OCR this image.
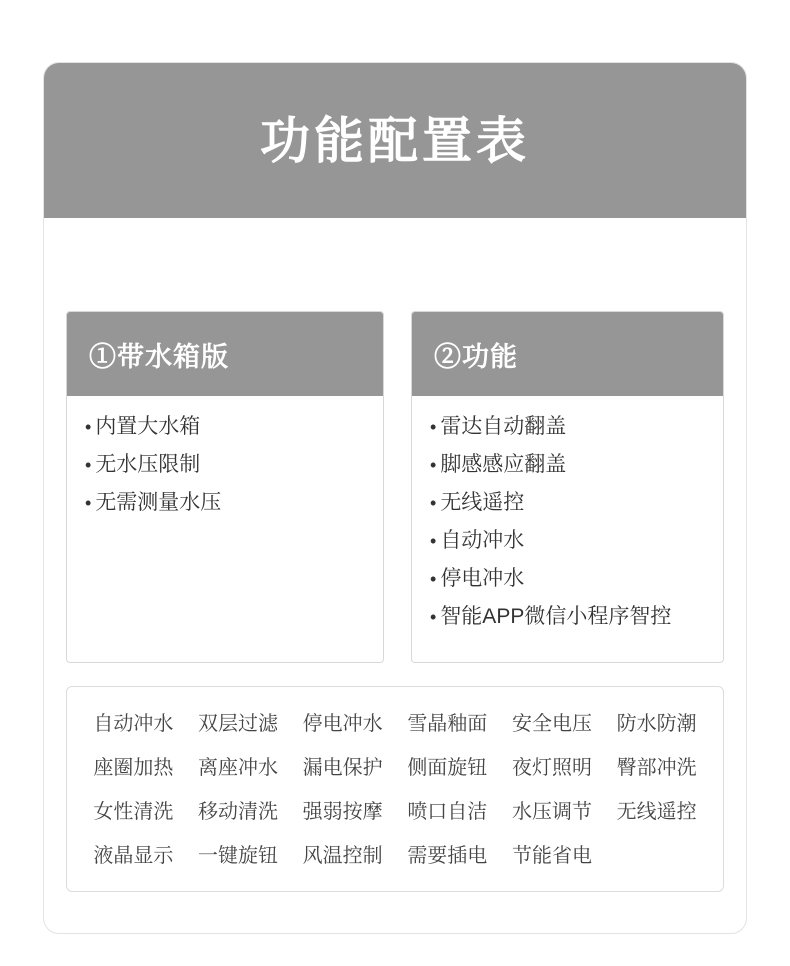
功能配置表
①带水箱版
• 内置大水箱
• 无水压限制
• 无需测量水压
②功能
• 雷达自动翻盖
• 脚感感应翻盖
• 无线遥控
• 自动冲水
• 停电冲水
• 智能APP微信小程序智控
自动冲水	双层过滤	停电冲水	雪晶釉面	安全电压	防水防潮
座圈加热	离座冲水	漏电保护	侧面旋钮	夜灯照明	臀部冲洗
女性清洗	移动清洗	强弱按摩	喷口自洁	水压调节	无线遥控
液晶显示	一键旋钮	风温控制	需要插电	节能省电
